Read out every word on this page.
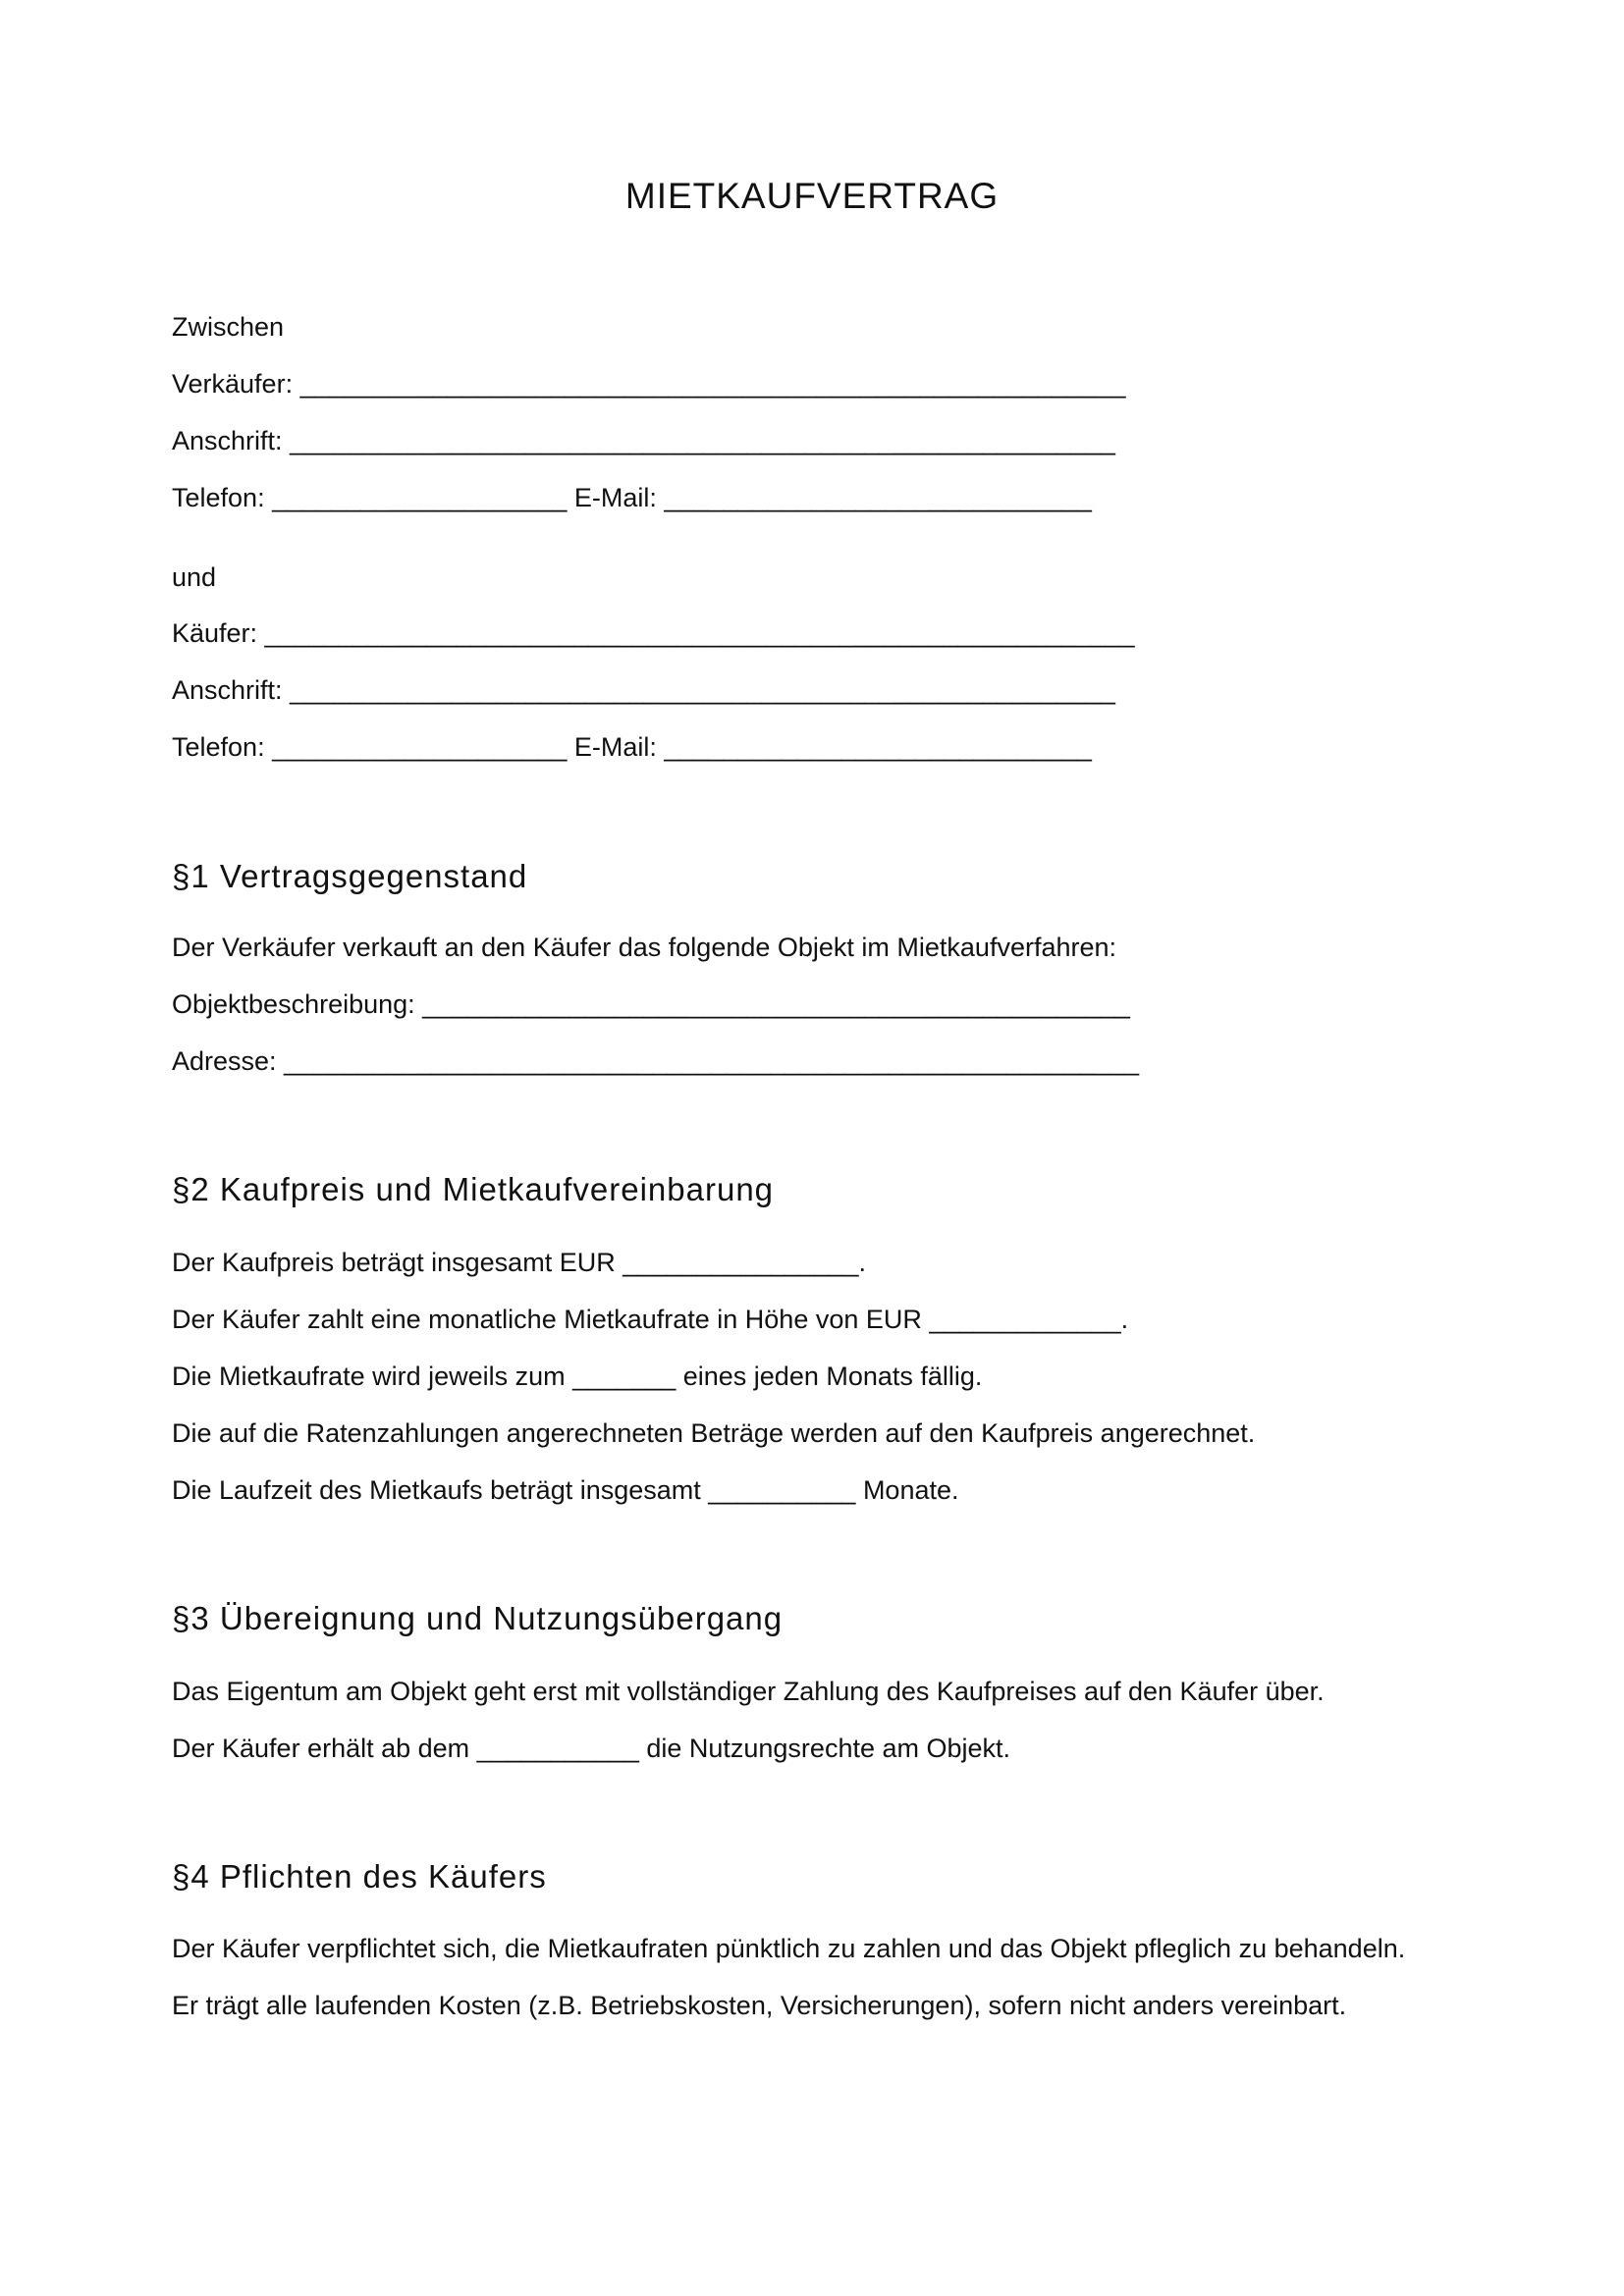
MIETKAUFVERTRAG

Zwischen

Verkäufer: ________________________________________________________

Anschrift: ________________________________________________________

Telefon: ____________________ E-Mail: _____________________________

und

Käufer: ___________________________________________________________

Anschrift: ________________________________________________________

Telefon: ____________________ E-Mail: _____________________________

§1 Vertragsgegenstand

Der Verkäufer verkauft an den Käufer das folgende Objekt im Mietkaufverfahren:

Objektbeschreibung: ________________________________________________

Adresse: __________________________________________________________

§2 Kaufpreis und Mietkaufvereinbarung

Der Kaufpreis beträgt insgesamt EUR ________________.

Der Käufer zahlt eine monatliche Mietkaufrate in Höhe von EUR _____________.

Die Mietkaufrate wird jeweils zum _______ eines jeden Monats fällig.

Die auf die Ratenzahlungen angerechneten Beträge werden auf den Kaufpreis angerechnet.

Die Laufzeit des Mietkaufs beträgt insgesamt __________ Monate.

§3 Übereignung und Nutzungsübergang

Das Eigentum am Objekt geht erst mit vollständiger Zahlung des Kaufpreises auf den Käufer über.

Der Käufer erhält ab dem ___________ die Nutzungsrechte am Objekt.

§4 Pflichten des Käufers

Der Käufer verpflichtet sich, die Mietkaufraten pünktlich zu zahlen und das Objekt pfleglich zu behandeln.

Er trägt alle laufenden Kosten (z.B. Betriebskosten, Versicherungen), sofern nicht anders vereinbart.
